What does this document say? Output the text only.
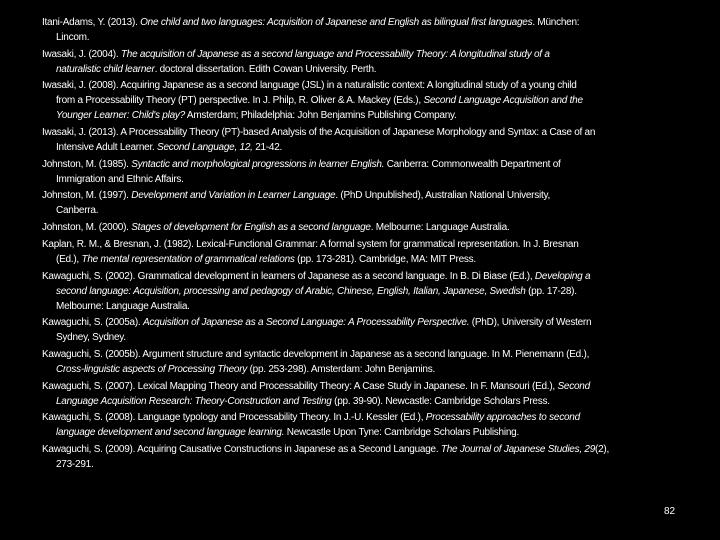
Itani-Adams, Y. (2013). One child and two languages: Acquisition of Japanese and English as bilingual first languages. München:
Lincom.
Iwasaki, J. (2004). The acquisition of Japanese as a second language and Processability Theory: A longitudinal study of a
naturalistic child learner. doctoral dissertation. Edith Cowan University. Perth.
Iwasaki, J. (2008). Acquiring Japanese as a second language (JSL) in a naturalistic context: A longitudinal study of a young child
from a Processability Theory (PT) perspective. In J. Philp, R. Oliver & A. Mackey (Eds.), Second Language Acquisition and the
Younger Learner: Child's play? Amsterdam; Philadelphia: John Benjamins Publishing Company.
Iwasaki, J. (2013). A Processability Theory (PT)-based Analysis of the Acquisition of Japanese Morphology and Syntax: a Case of an
Intensive Adult Learner. Second Language, 12, 21-42.
Johnston, M. (1985). Syntactic and morphological progressions in learner English. Canberra: Commonwealth Department of
Immigration and Ethnic Affairs.
Johnston, M. (1997). Development and Variation in Learner Language. (PhD Unpublished), Australian National University,
Canberra.
Johnston, M. (2000). Stages of development for English as a second language. Melbourne: Language Australia.
Kaplan, R. M., & Bresnan, J. (1982). Lexical-Functional Grammar: A formal system for grammatical representation. In J. Bresnan
(Ed.), The mental representation of grammatical relations (pp. 173-281). Cambridge, MA: MIT Press.
Kawaguchi, S. (2002). Grammatical development in learners of Japanese as a second language. In B. Di Biase (Ed.), Developing a
second language: Acquisition, processing and pedagogy of Arabic, Chinese, English, Italian, Japanese, Swedish (pp. 17-28).
Melbourne: Language Australia.
Kawaguchi, S. (2005a). Acquisition of Japanese as a Second Language: A Processability Perspective. (PhD), University of Western
Sydney, Sydney.
Kawaguchi, S. (2005b). Argument structure and syntactic development in Japanese as a second language. In M. Pienemann (Ed.),
Cross-linguistic aspects of Processing Theory (pp. 253-298). Amsterdam: John Benjamins.
Kawaguchi, S. (2007). Lexical Mapping Theory and Processability Theory: A Case Study in Japanese. In F. Mansouri (Ed.), Second
Language Acquisition Research: Theory-Construction and Testing (pp. 39-90). Newcastle: Cambridge Scholars Press.
Kawaguchi, S. (2008). Language typology and Processability Theory. In J.-U. Kessler (Ed.), Processability approaches to second
language development and second language learning. Newcastle Upon Tyne: Cambridge Scholars Publishing.
Kawaguchi, S. (2009). Acquiring Causative Constructions in Japanese as a Second Language. The Journal of Japanese Studies, 29(2),
273-291.
82
